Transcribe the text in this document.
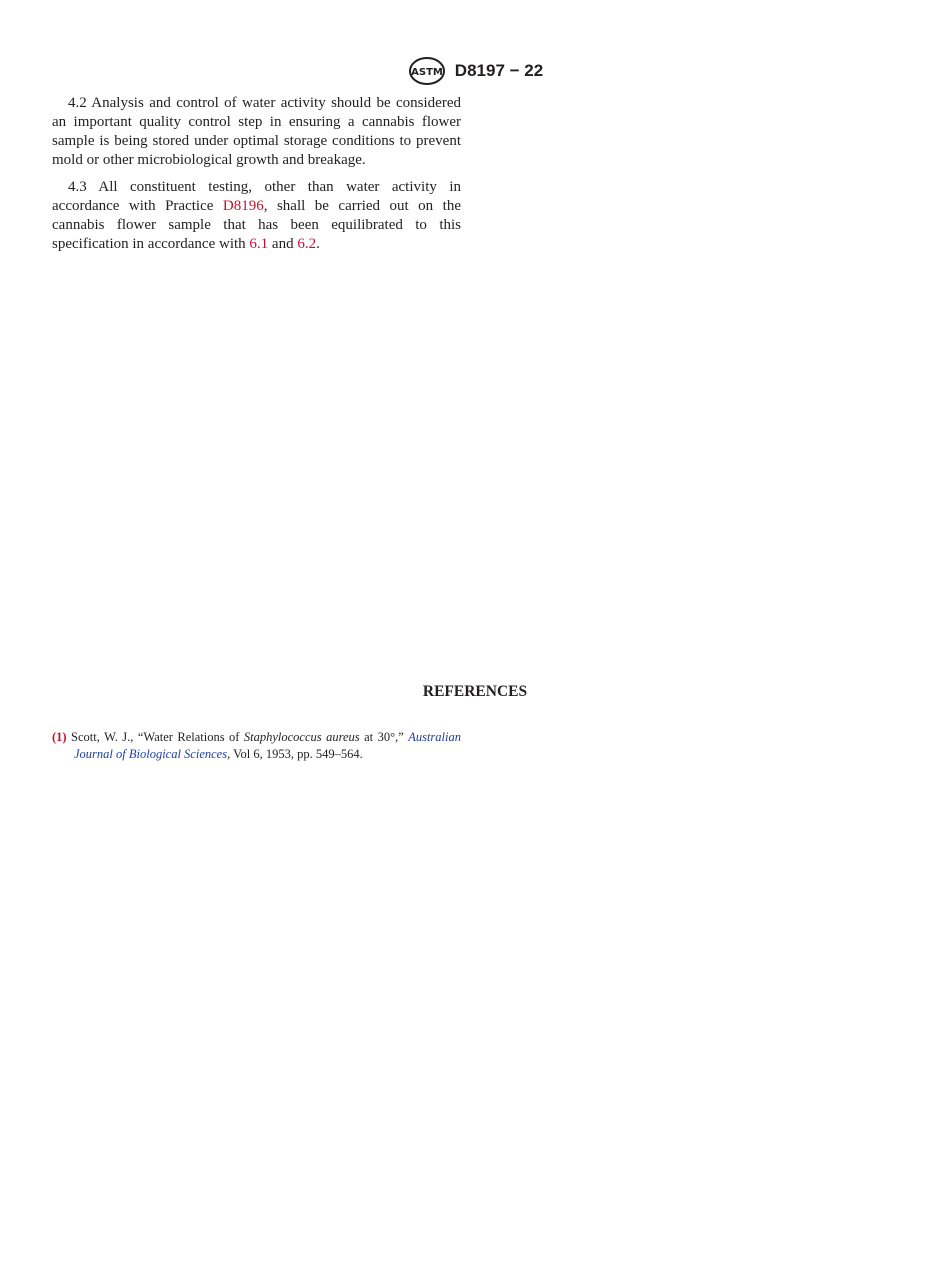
ASTM D8197 − 22

4.2 Analysis and control of water activity should be considered an important quality control step in ensuring a cannabis flower sample is being stored under optimal storage conditions to prevent mold or other microbiological growth and breakage.

4.3 All constituent testing, other than water activity in accordance with Practice D8196, shall be carried out on the cannabis flower sample that has been equilibrated to this specification in accordance with 6.1 and 6.2.

REFERENCES

(1) Scott, W. J., “Water Relations of Staphylococcus aureus at 30°,” Australian Journal of Biological Sciences, Vol 6, 1953, pp. 549–564.
